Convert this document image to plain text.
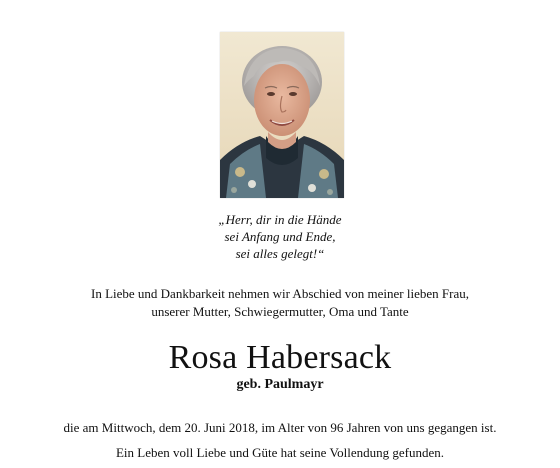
„Herr, dir in die Hände
sei Anfang und Ende,
sei alles gelegt!“
In Liebe und Dankbarkeit nehmen wir Abschied von meiner lieben Frau,
unserer Mutter, Schwiegermutter, Oma und Tante
Rosa Habersack
geb. Paulmayr
die am Mittwoch, dem 20. Juni 2018, im Alter von 96 Jahren von uns gegangen ist.
Ein Leben voll Liebe und Güte hat seine Vollendung gefunden.
